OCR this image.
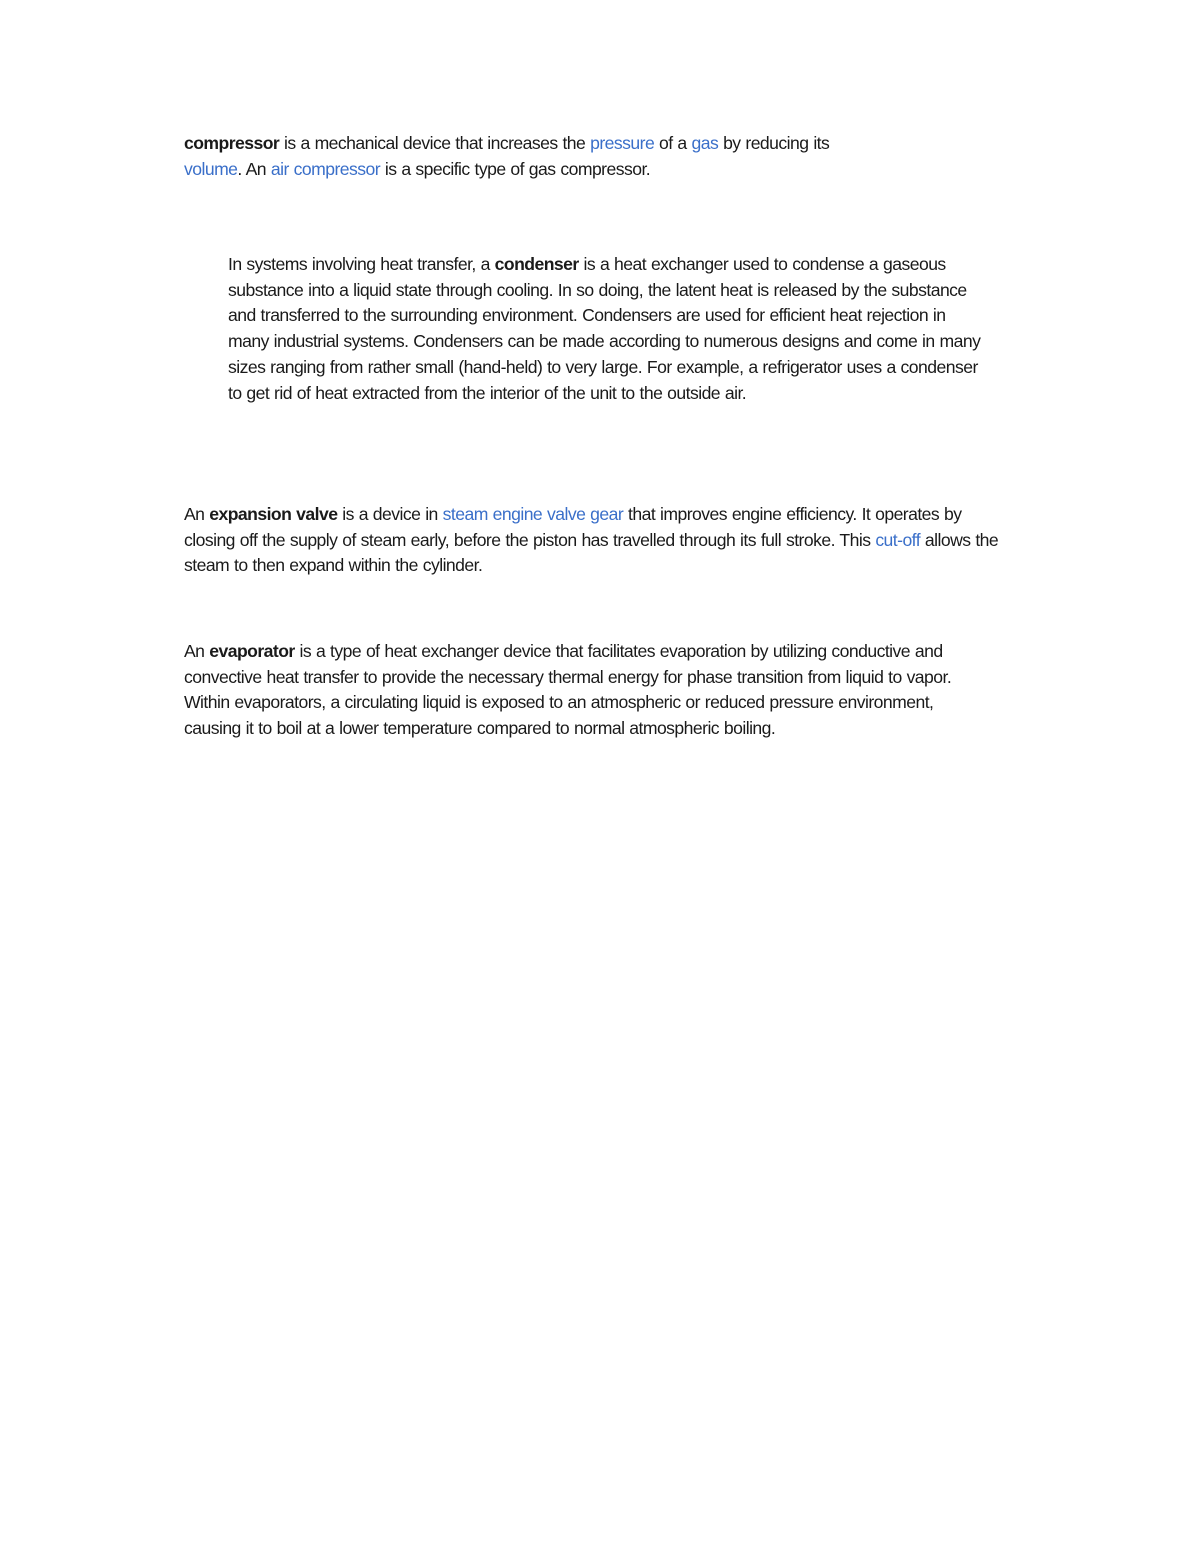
compressor is a mechanical device that increases the pressure of a gas by reducing its
volume. An air compressor is a specific type of gas compressor.

In systems involving heat transfer, a condenser is a heat exchanger used to condense a gaseous substance into a liquid state through cooling. In so doing, the latent heat is released by the substance and transferred to the surrounding environment. Condensers are used for efficient heat rejection in many industrial systems. Condensers can be made according to numerous designs and come in many sizes ranging from rather small (hand-held) to very large. For example, a refrigerator uses a condenser to get rid of heat extracted from the interior of the unit to the outside air.

An expansion valve is a device in steam engine valve gear that improves engine efficiency. It operates by closing off the supply of steam early, before the piston has travelled through its full stroke. This cut-off allows the steam to then expand within the cylinder.

An evaporator is a type of heat exchanger device that facilitates evaporation by utilizing conductive and convective heat transfer to provide the necessary thermal energy for phase transition from liquid to vapor. Within evaporators, a circulating liquid is exposed to an atmospheric or reduced pressure environment, causing it to boil at a lower temperature compared to normal atmospheric boiling.
